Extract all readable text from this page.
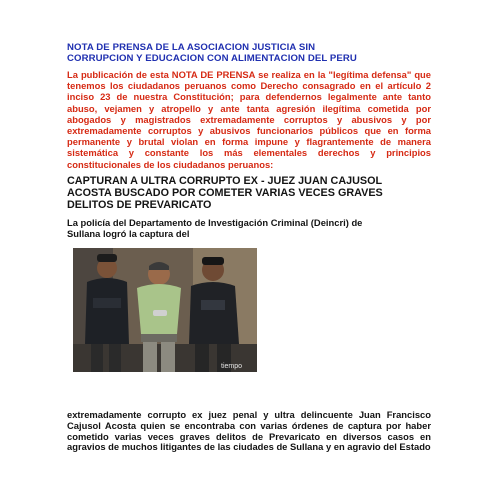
NOTA DE PRENSA DE LA ASOCIACION JUSTICIA SIN
CORRUPCION Y EDUCACION CON ALIMENTACION DEL PERU

La publicación de esta NOTA DE PRENSA se realiza en la "legítima defensa" que tenemos los ciudadanos peruanos como Derecho consagrado en el artículo 2 inciso 23 de nuestra Constitución; para defendernos legalmente ante tanto abuso, vejamen y atropello y ante tanta agresión ilegítima cometida por abogados y magistrados extremadamente corruptos y abusivos y por extremadamente corruptos y abusivos funcionarios públicos que en forma permanente y brutal violan en forma impune y flagrantemente de manera sistemática y constante los más elementales derechos y principios constitucionales de los ciudadanos peruanos:

CAPTURAN A ULTRA CORRUPTO EX - JUEZ JUAN CAJUSOL
ACOSTA BUSCADO POR COMETER VARIAS VECES GRAVES
DELITOS DE PREVARICATO

La policía del Departamento de Investigación Criminal (Deincri) de
Sullana logró la captura del

tiempo

extremadamente corrupto ex juez penal y ultra delincuente Juan Francisco Cajusol Acosta quien se encontraba con varias órdenes de captura por haber cometido varias veces graves delitos de Prevaricato en diversos casos en agravios de muchos litigantes de las ciudades de Sullana y en agravio del Estado
